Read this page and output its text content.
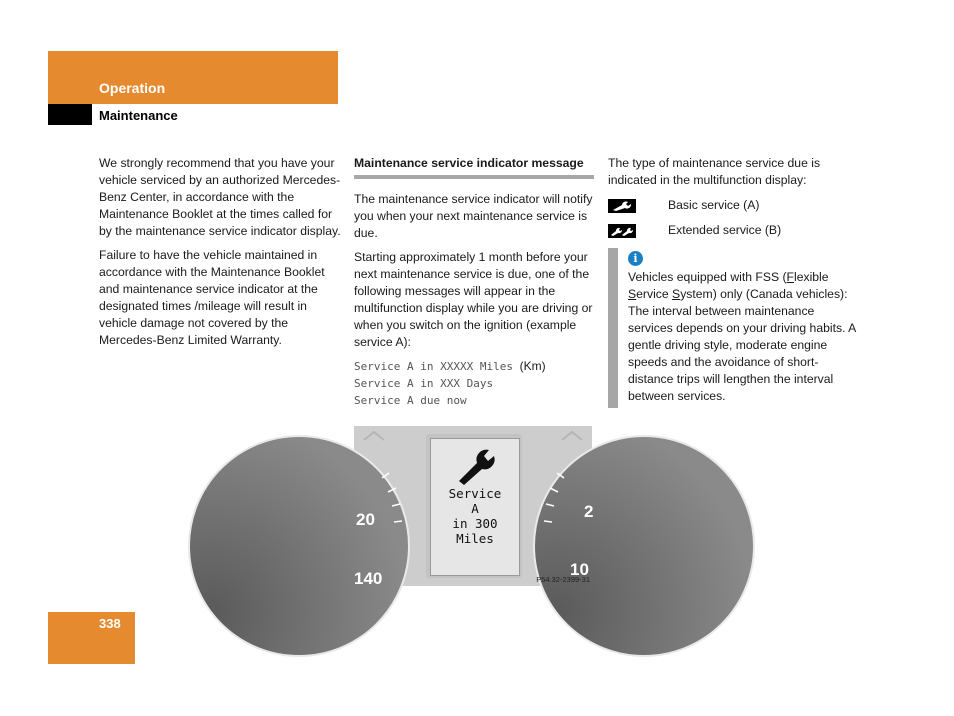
Operation
Maintenance

We strongly recommend that you have your vehicle serviced by an authorized Mercedes-Benz Center, in accordance with the Maintenance Booklet at the times called for by the maintenance service indicator display.

Failure to have the vehicle maintained in accordance with the Maintenance Booklet and maintenance service indicator at the designated times /mileage will result in vehicle damage not covered by the Mercedes-Benz Limited Warranty.

Maintenance service indicator message

The maintenance service indicator will notify you when your next maintenance service is due.

Starting approximately 1 month before your next maintenance service is due, one of the following messages will appear in the multifunction display while you are driving or when you switch on the ignition (example service A):

Service A in XXXXX Miles (Km)
Service A in XXX Days
Service A due now
Service
A
in 300
Miles
20
140
2
10
P54.32-2399-31

The type of maintenance service due is indicated in the multifunction display:

Basic service (A)
Extended service (B)
i
Vehicles equipped with FSS (Flexible
Service System) only (Canada vehicles): The interval between maintenance services depends on your driving habits. A gentle driving style, moderate engine speeds and the avoidance of short-distance trips will lengthen the interval between services.
338
